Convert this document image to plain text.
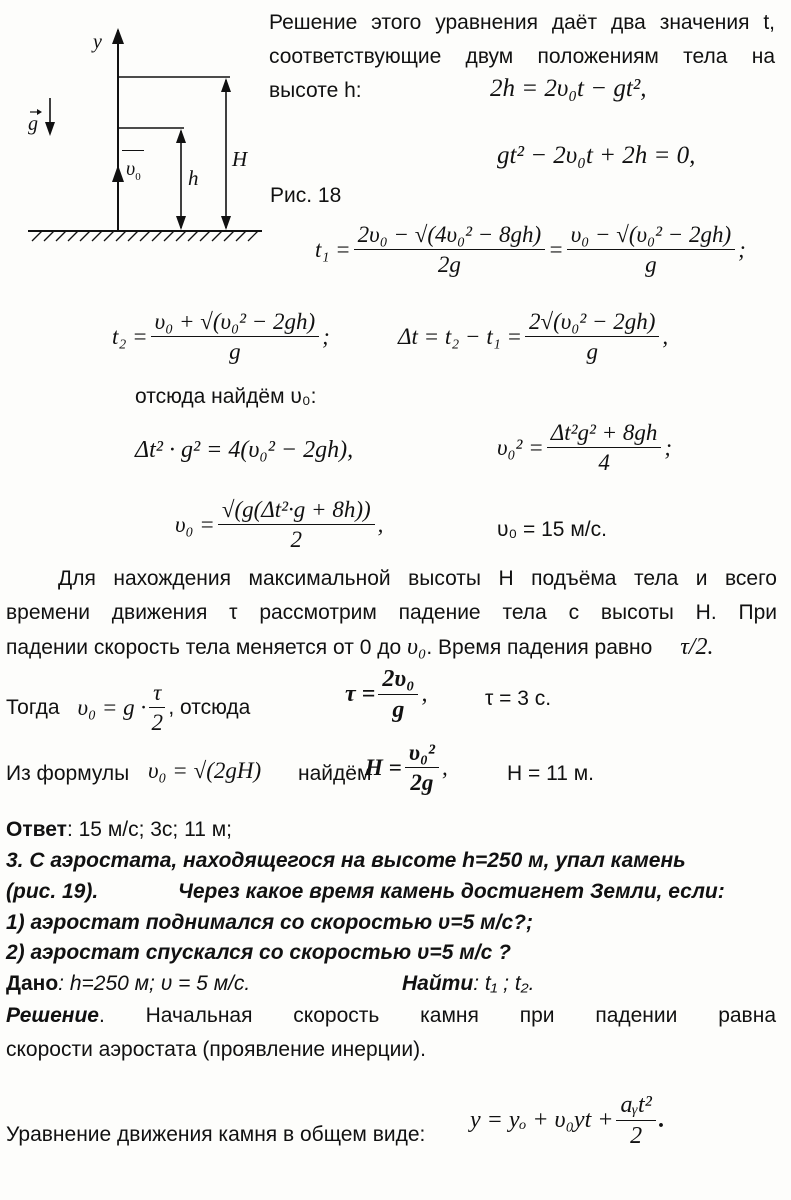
y
g
$\upsilon_0$ h
H
Решение этого уравнения даёт два значения t,
соответствующие двум положениям тела на
высоте h:	2h = 2υ₀t − gt²,
gt² − 2υ₀t + 2h = 0,
Рис. 18
$t_1 = \frac{\text{2υ₀ − √(4υ₀² − 8gh)}}{2g} = \frac{\text{υ₀ − √(υ₀² − 2gh)}}{g}$ ;
$t_2 = \frac{\text{υ₀ + √(υ₀² − 2gh)}}{g}$ ;	$\Delta t = t_2 - t_1 = \frac{\text{2√(υ₀² − 2gh)}}{g}$ ,
отсюда найдём υ₀:
Δt² · g² = 4(υ₀² − 2gh),	$\upsilon_0^2 = \frac{\text{Δt²g² + 8gh}}{4}$ ;
$\upsilon_0 = \frac{\text{√(g(Δt²·g + 8h))}}{2}$ ,	υ₀ = 15 м/с.
Для нахождения максимальной высоты H подъёма тела и всего
времени движения τ рассмотрим падение тела с высоты H. При
падении скорость тела меняется от 0 до υ₀. Время падения равно τ/2.
Тогда $\upsilon_0 = g \cdot \frac{\tau}{2}$ , отсюда	$\tau = \frac{\text{2υ₀}}{g}$ ,	τ = 3 с.
Из формулы υ₀ = √(2gH) найдём
$H = \frac{\text{υ₀²}}{2g}$ ,	H = 11 м.
Ответ: 15 м/с; 3с; 11 м;
3. С аэростата, находящегося на высоте h=250 м, упал камень
(рис. 19).	Через какое время камень достигнет Земли, если:
1) аэростат поднимался со скоростью υ=5 м/с?;
2) аэростат спускался со скоростью υ=5 м/с ?
Дано: h=250 м; υ = 5 м/с.	Найти: t₁ ; t₂.
Решение. Начальная скорость камня при падении равна
скорости аэростата (проявление инерции).
Уравнение движения камня в общем виде:
$y = y_o + \upsilon_0yt + \frac{\text{aᵧt²}}{2}$ .
